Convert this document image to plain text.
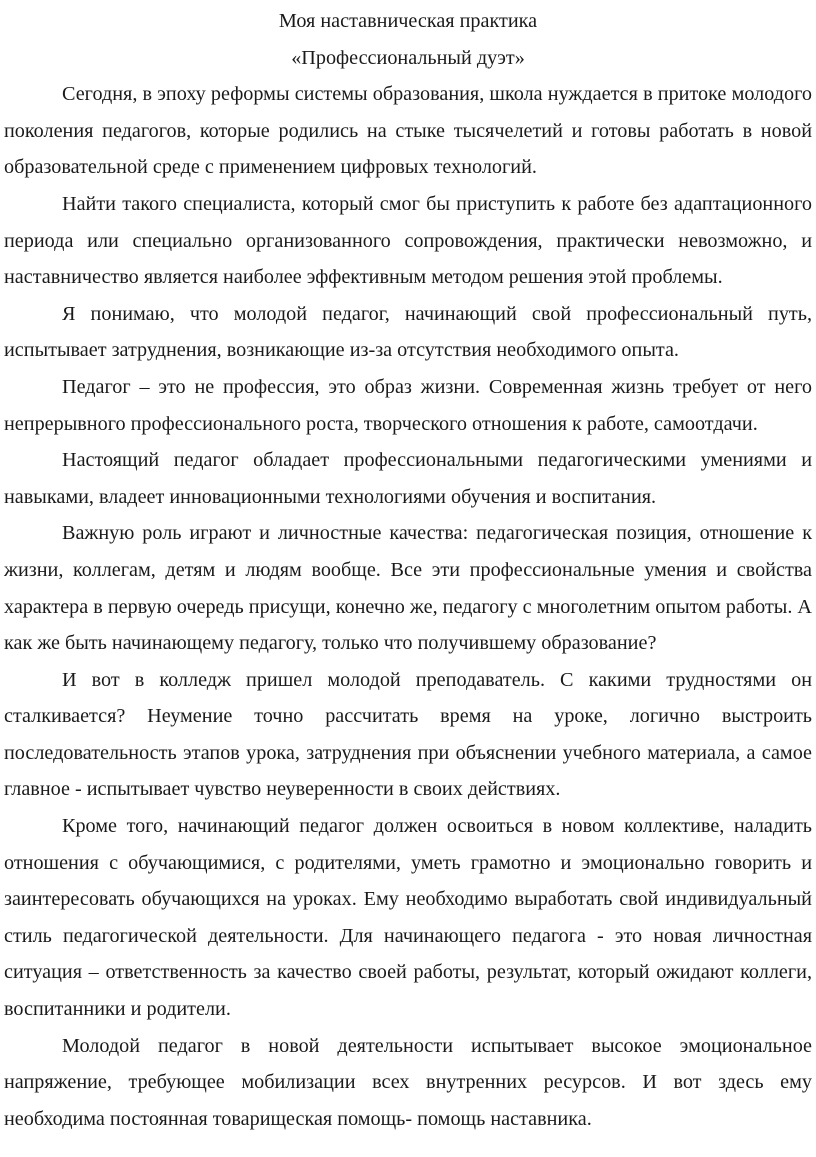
Моя наставническая практика

«Профессиональный дуэт»

Сегодня, в эпоху реформы системы образования, школа нуждается в притоке молодого поколения педагогов, которые родились на стыке тысячелетий и готовы работать в новой образовательной среде с применением цифровых технологий.

Найти такого специалиста, который смог бы приступить к работе без адаптационного периода или специально организованного сопровождения, практически невозможно, и наставничество является наиболее эффективным методом решения этой проблемы.

Я понимаю, что молодой педагог, начинающий свой профессиональный путь, испытывает затруднения, возникающие из-за отсутствия необходимого опыта.

Педагог – это не профессия, это образ жизни. Современная жизнь требует от него непрерывного профессионального роста, творческого отношения к работе, самоотдачи.

Настоящий педагог обладает профессиональными педагогическими умениями и навыками, владеет инновационными технологиями обучения и воспитания.

Важную роль играют и личностные качества: педагогическая позиция, отношение к жизни, коллегам, детям и людям вообще. Все эти профессиональные умения и свойства характера в первую очередь присущи, конечно же, педагогу с многолетним опытом работы. А как же быть начинающему педагогу, только что получившему образование?

И вот в колледж пришел молодой преподаватель. С какими трудностями он сталкивается? Неумение точно рассчитать время на уроке, логично выстроить последовательность этапов урока, затруднения при объяснении учебного материала, а самое главное - испытывает чувство неуверенности в своих действиях.

Кроме того, начинающий педагог должен освоиться в новом коллективе, наладить отношения с обучающимися, с родителями, уметь грамотно и эмоционально говорить и заинтересовать обучающихся на уроках. Ему необходимо выработать свой индивидуальный стиль педагогической деятельности. Для начинающего педагога - это новая личностная ситуация – ответственность за качество своей работы, результат, который ожидают коллеги, воспитанники и родители.

Молодой педагог в новой деятельности испытывает высокое эмоциональное напряжение, требующее мобилизации всех внутренних ресурсов. И вот здесь ему необходима постоянная товарищеская помощь- помощь наставника.
